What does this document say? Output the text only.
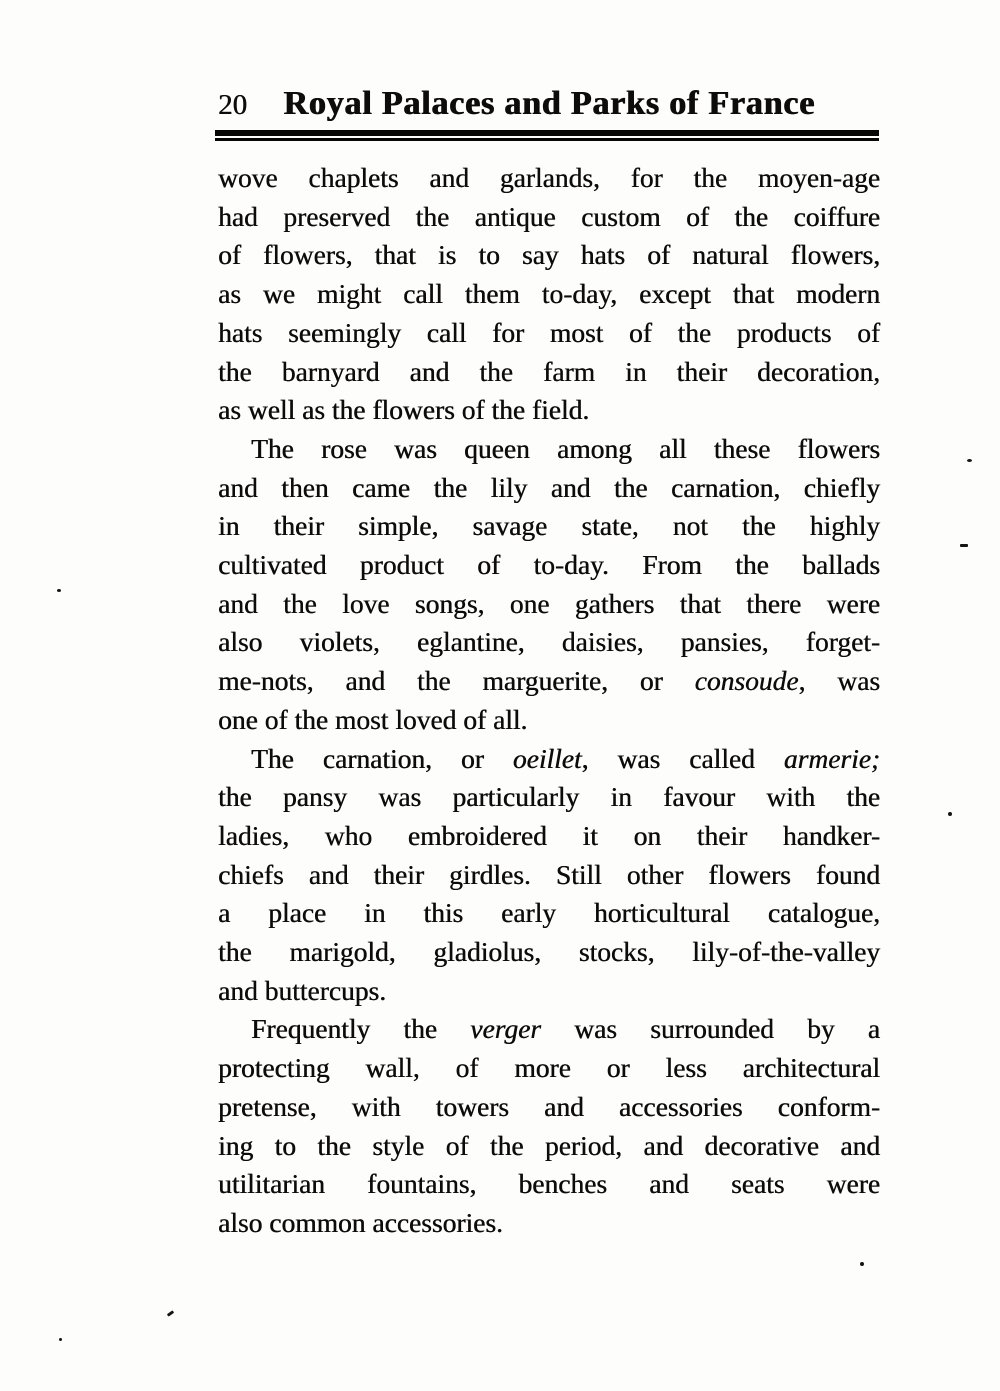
20	Royal Palaces and Parks of France
wove chaplets and garlands, for the moyen-age
had preserved the antique custom of the coiffure
of flowers, that is to say hats of natural flowers,
as we might call them to-day, except that modern
hats seemingly call for most of the products of
the barnyard and the farm in their decoration,
as well as the flowers of the field.
The rose was queen among all these flowers
and then came the lily and the carnation, chiefly
in their simple, savage state, not the highly
cultivated product of to-day. From the ballads
and the love songs, one gathers that there were
also violets, eglantine, daisies, pansies, forget-
me-nots, and the marguerite, or consoude, was
one of the most loved of all.
The carnation, or oeillet, was called armerie;
the pansy was particularly in favour with the
ladies, who embroidered it on their handker-
chiefs and their girdles. Still other flowers found
a place in this early horticultural catalogue,
the marigold, gladiolus, stocks, lily-of-the-valley
and buttercups.
Frequently the verger was surrounded by a
protecting wall, of more or less architectural
pretense, with towers and accessories conform-
ing to the style of the period, and decorative and
utilitarian fountains, benches and seats were
also common accessories.
